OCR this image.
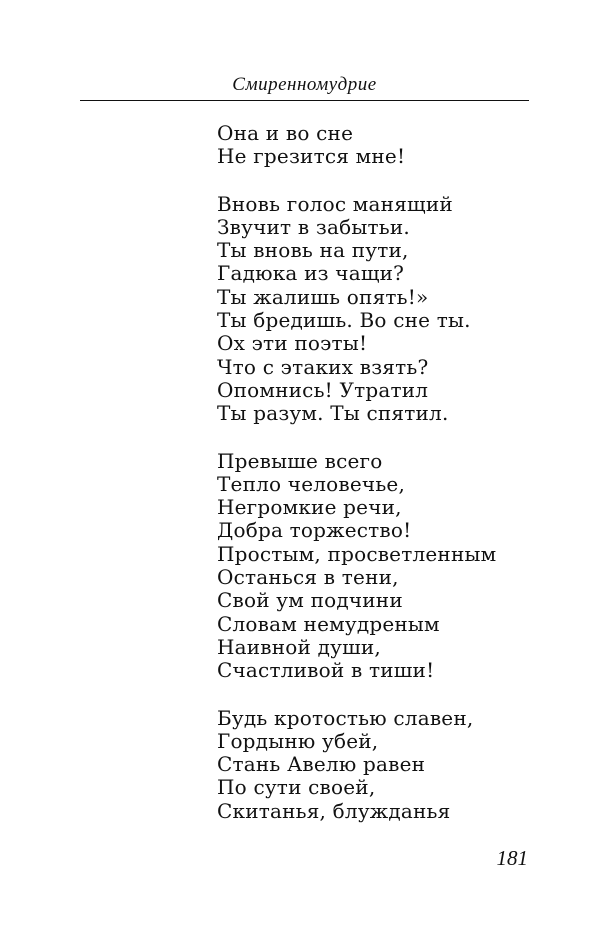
Смиренномудрие
Она и во сне
Не грезится мне!
Вновь голос манящий
Звучит в забытьи.
Ты вновь на пути,
Гадюка из чащи?
Ты жалишь опять!»
Ты бредишь. Во сне ты.
Ох эти поэты!
Что с этаких взять?
Опомнись! Утратил
Ты разум. Ты спятил.
Превыше всего
Тепло человечье,
Негромкие речи,
Добра торжество!
Простым, просветленным
Останься в тени,
Свой ум подчини
Словам немудреным
Наивной души,
Счастливой в тиши!
Будь кротостью славен,
Гордыню убей,
Стань Авелю равен
По сути своей,
Скитанья, блужданья
181
